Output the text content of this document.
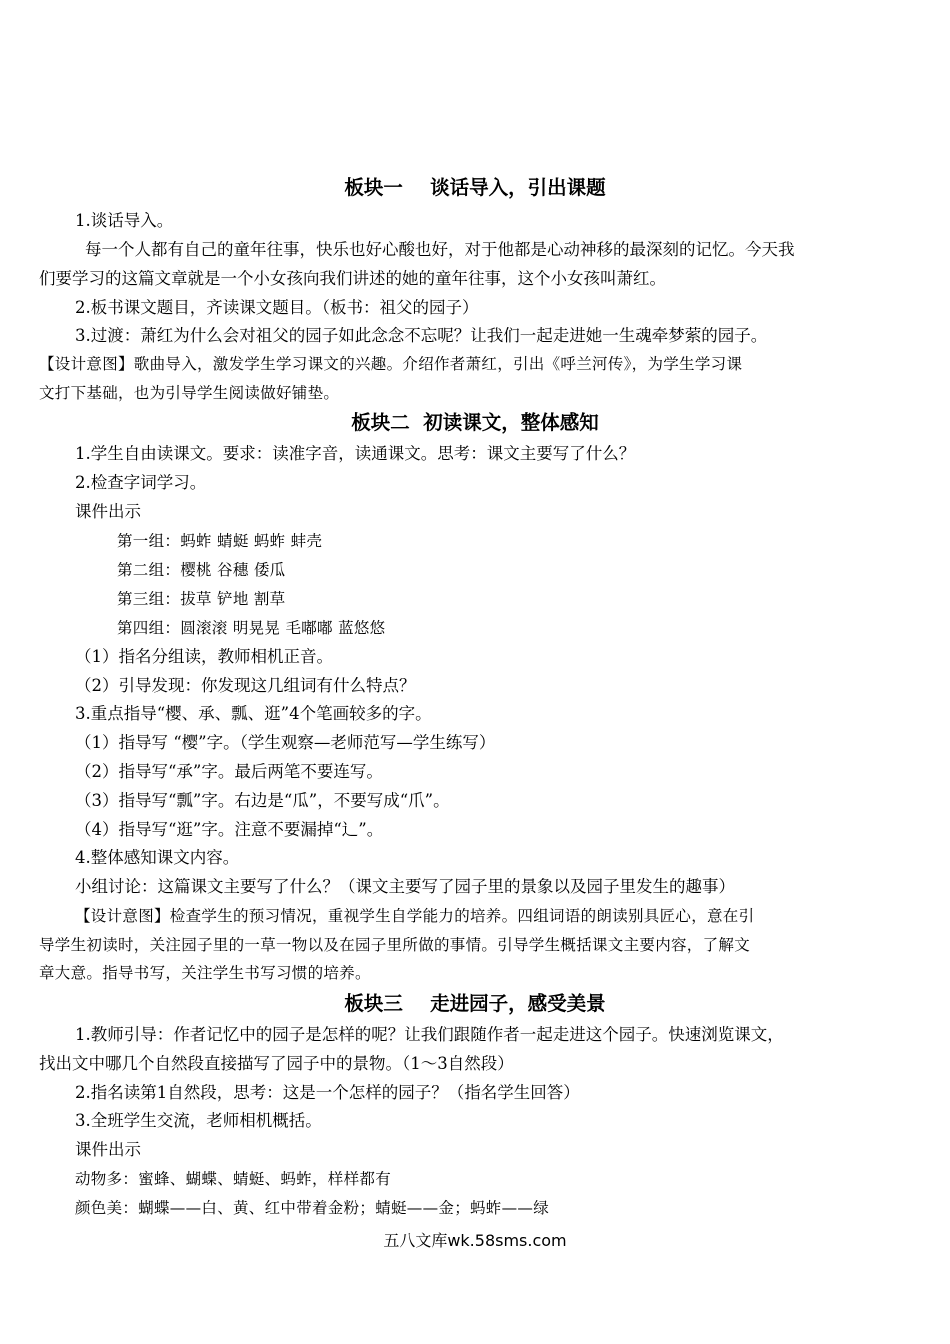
板块一    谈话导入，引出课题
1.谈话导入。
每一个人都有自己的童年往事，快乐也好心酸也好，对于他都是心动神移的最深刻的记忆。今天我
们要学习的这篇文章就是一个小女孩向我们讲述的她的童年往事，这个小女孩叫萧红。
2.板书课文题目，齐读课文题目。（板书：祖父的园子）
3.过渡：萧红为什么会对祖父的园子如此念念不忘呢？让我们一起走进她一生魂牵梦萦的园子。
【设计意图】歌曲导入，激发学生学习课文的兴趣。介绍作者萧红，引出《呼兰河传》，为学生学习课
文打下基础，也为引导学生阅读做好铺垫。
板块二  初读课文，整体感知
1.学生自由读课文。要求：读准字音，读通课文。思考：课文主要写了什么？
2.检查字词学习。
课件出示
第一组：蚂蚱 蜻蜓 蚂蚱 蚌壳
第二组：樱桃 谷穗 倭瓜
第三组：拔草 铲地 割草
第四组：圆滚滚 明晃晃 毛嘟嘟 蓝悠悠
（1）指名分组读，教师相机正音。
（2）引导发现：你发现这几组词有什么特点？
3.重点指导“樱、承、瓢、逛”4个笔画较多的字。
（1）指导写 “樱”字。（学生观察—老师范写—学生练写）
（2）指导写“承”字。最后两笔不要连写。
（3）指导写“瓢”字。右边是“瓜”，不要写成“爪”。
（4）指导写“逛”字。注意不要漏掉“辶”。
4.整体感知课文内容。
小组讨论：这篇课文主要写了什么？（课文主要写了园子里的景象以及园子里发生的趣事）
【设计意图】检查学生的预习情况，重视学生自学能力的培养。四组词语的朗读别具匠心，意在引
导学生初读时，关注园子里的一草一物以及在园子里所做的事情。引导学生概括课文主要内容，了解文
章大意。指导书写，关注学生书写习惯的培养。
板块三    走进园子，感受美景
1.教师引导：作者记忆中的园子是怎样的呢？让我们跟随作者一起走进这个园子。快速浏览课文，
找出文中哪几个自然段直接描写了园子中的景物。（1～3自然段）
2.指名读第1自然段，思考：这是一个怎样的园子？（指名学生回答）
3.全班学生交流，老师相机概括。
课件出示
动物多：蜜蜂、蝴蝶、蜻蜓、蚂蚱，样样都有
颜色美：蝴蝶——白、黄、红中带着金粉；蜻蜓——金；蚂蚱——绿
五八文库wk.58sms.com
